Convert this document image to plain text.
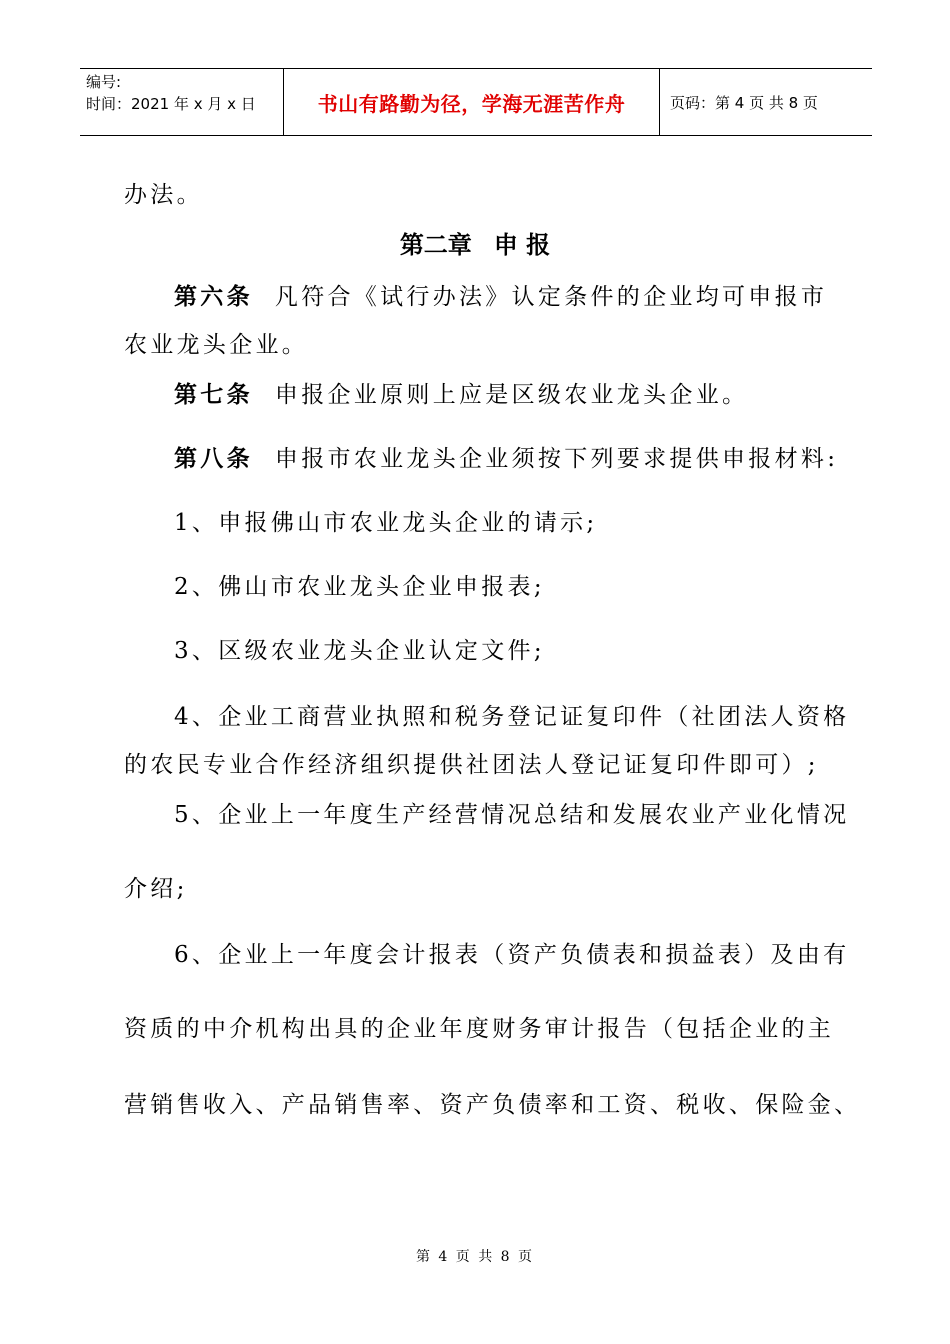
编号:
时间：2021 年 x 月 x 日	书山有路勤为径，学海无涯苦作舟	页码：第 4 页 共 8 页
办法。
第二章 申 报
第六条 凡符合《试行办法》认定条件的企业均可申报市
农业龙头企业。
第七条 申报企业原则上应是区级农业龙头企业。
第八条 申报市农业龙头企业须按下列要求提供申报材料:
1、申报佛山市农业龙头企业的请示;
2、佛山市农业龙头企业申报表;
3、区级农业龙头企业认定文件;
4、企业工商营业执照和税务登记证复印件（社团法人资格
的农民专业合作经济组织提供社团法人登记证复印件即可）;
5、企业上一年度生产经营情况总结和发展农业产业化情况
介绍;
6、企业上一年度会计报表（资产负债表和损益表）及由有
资质的中介机构出具的企业年度财务审计报告（包括企业的主
营销售收入、产品销售率、资产负债率和工资、税收、保险金、
第 4 页 共 8 页
